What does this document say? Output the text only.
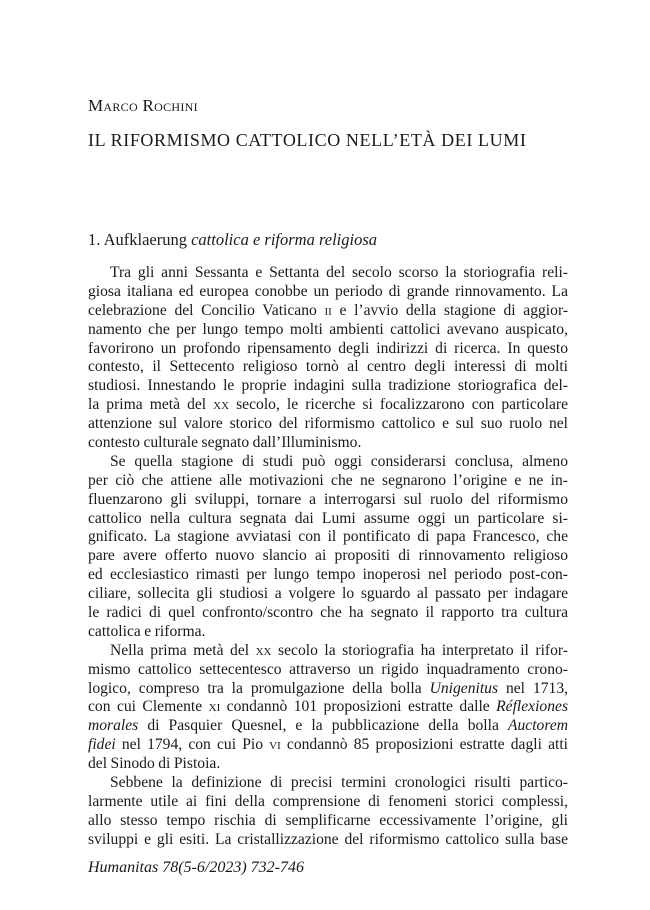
Marco Rochini
IL RIFORMISMO CATTOLICO NELL’ETÀ DEI LUMI
1. Aufklaerung cattolica e riforma religiosa
Tra gli anni Sessanta e Settanta del secolo scorso la storiografia reli-
giosa italiana ed europea conobbe un periodo di grande rinnovamento. La
celebrazione del Concilio Vaticano ii e l’avvio della stagione di aggior-
namento che per lungo tempo molti ambienti cattolici avevano auspicato,
favorirono un profondo ripensamento degli indirizzi di ricerca. In questo
contesto, il Settecento religioso tornò al centro degli interessi di molti
studiosi. Innestando le proprie indagini sulla tradizione storiografica del-
la prima metà del xx secolo, le ricerche si focalizzarono con particolare
attenzione sul valore storico del riformismo cattolico e sul suo ruolo nel
contesto culturale segnato dall’Illuminismo.
Se quella stagione di studi può oggi considerarsi conclusa, almeno
per ciò che attiene alle motivazioni che ne segnarono l’origine e ne in-
fluenzarono gli sviluppi, tornare a interrogarsi sul ruolo del riformismo
cattolico nella cultura segnata dai Lumi assume oggi un particolare si-
gnificato. La stagione avviatasi con il pontificato di papa Francesco, che
pare avere offerto nuovo slancio ai propositi di rinnovamento religioso
ed ecclesiastico rimasti per lungo tempo inoperosi nel periodo post-con-
ciliare, sollecita gli studiosi a volgere lo sguardo al passato per indagare
le radici di quel confronto/scontro che ha segnato il rapporto tra cultura
cattolica e riforma.
Nella prima metà del xx secolo la storiografia ha interpretato il rifor-
mismo cattolico settecentesco attraverso un rigido inquadramento crono-
logico, compreso tra la promulgazione della bolla Unigenitus nel 1713,
con cui Clemente xi condannò 101 proposizioni estratte dalle Réflexiones
morales di Pasquier Quesnel, e la pubblicazione della bolla Auctorem
fidei nel 1794, con cui Pio vi condannò 85 proposizioni estratte dagli atti
del Sinodo di Pistoia.
Sebbene la definizione di precisi termini cronologici risulti partico-
larmente utile ai fini della comprensione di fenomeni storici complessi,
allo stesso tempo rischia di semplificarne eccessivamente l’origine, gli
sviluppi e gli esiti. La cristallizzazione del riformismo cattolico sulla base
Humanitas 78(5-6/2023) 732-746
